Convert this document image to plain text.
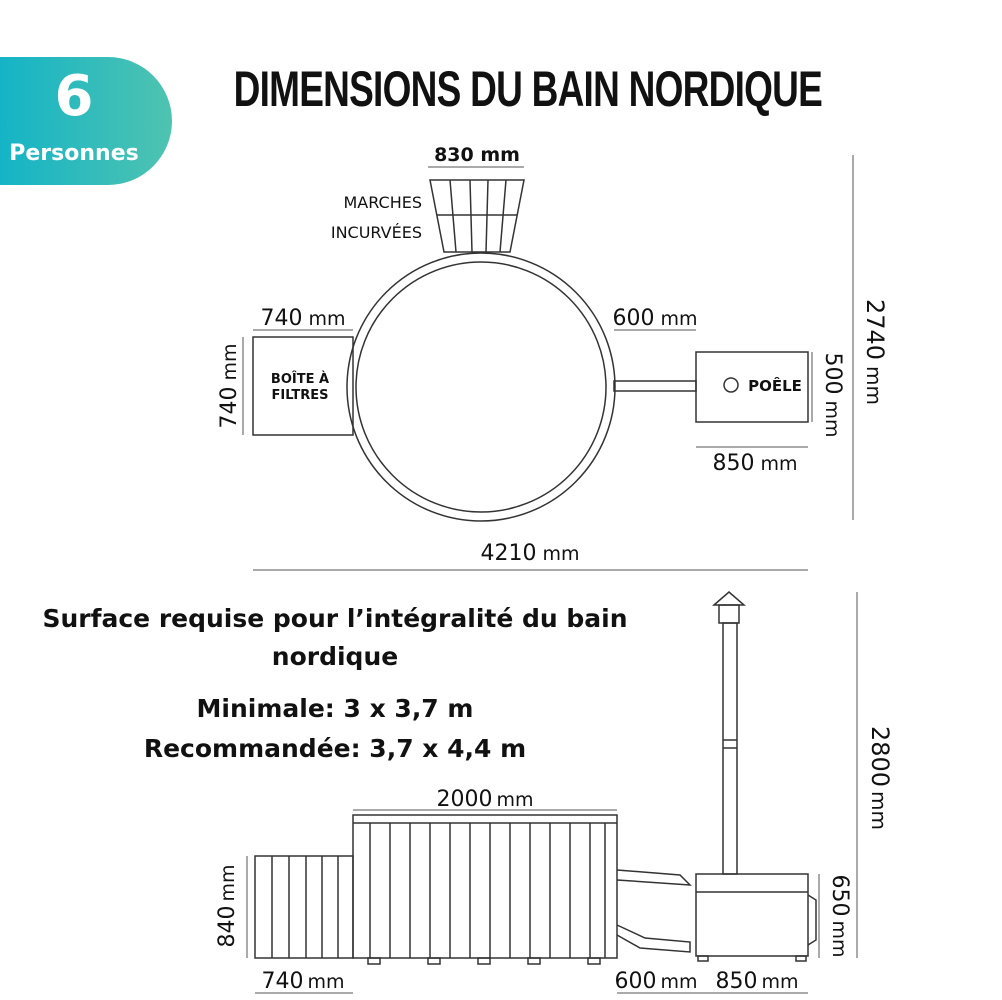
6
Personnes
DIMENSIONS DU BAIN NORDIQUE
830 mm
MARCHES
INCURVÉES
740 mm
740mm BOÎTE À
FILTRES
600 mm
POÊLE 500mm
850 mm
2740mm
4210 mm
2000 mm
840mm
740 mm	600 mm 850 mm
650mm
2800mm
Surface requise pour l’intégralité du bain nordique
Minimale: 3 x 3,7 m
Recommandée: 3,7 x 4,4 m
